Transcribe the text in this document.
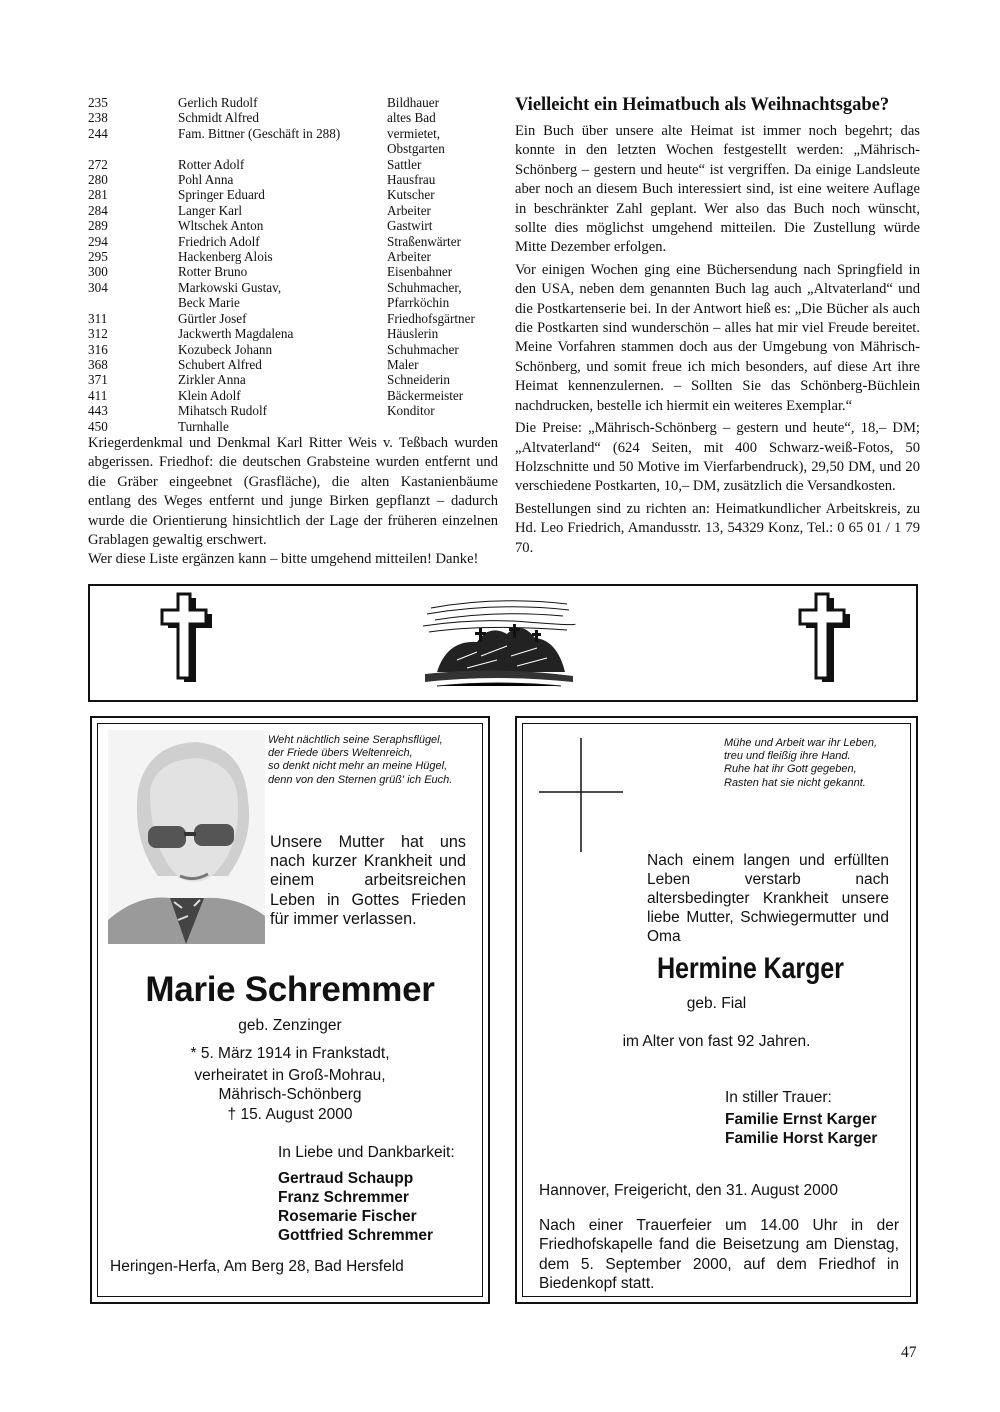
235	Gerlich Rudolf	Bildhauer
238	Schmidt Alfred	altes Bad
244	Fam. Bittner (Geschäft in 288)	vermietet,
Obstgarten
272	Rotter Adolf	Sattler
280	Pohl Anna	Hausfrau
281	Springer Eduard	Kutscher
284	Langer Karl	Arbeiter
289	Wltschek Anton	Gastwirt
294	Friedrich Adolf	Straßenwärter
295	Hackenberg Alois	Arbeiter
300	Rotter Bruno	Eisenbahner
304	Markowski Gustav,	Schuhmacher,
Beck Marie	Pfarrköchin
311	Gürtler Josef	Friedhofsgärtner
312	Jackwerth Magdalena	Häuslerin
316	Kozubeck Johann	Schuhmacher
368	Schubert Alfred	Maler
371	Zirkler Anna	Schneiderin
411	Klein Adolf	Bäckermeister
443	Mihatsch Rudolf	Konditor
450	Turnhalle

Kriegerdenkmal und Denkmal Karl Ritter Weis v. Teßbach wurden abgerissen. Friedhof: die deutschen Grabsteine wurden entfernt und die Gräber eingeebnet (Grasfläche), die alten Kastanienbäume entlang des Weges entfernt und junge Birken gepflanzt – dadurch wurde die Orientierung hinsichtlich der Lage der früheren einzelnen Grablagen gewaltig erschwert.

Wer diese Liste ergänzen kann – bitte umgehend mitteilen! Danke!

Vielleicht ein Heimatbuch als Weihnachtsgabe?

Ein Buch über unsere alte Heimat ist immer noch begehrt; das konnte in den letzten Wochen festgestellt werden: „Mährisch-Schönberg – gestern und heute“ ist vergriffen. Da einige Landsleute aber noch an diesem Buch interessiert sind, ist eine weitere Auflage in beschränkter Zahl geplant. Wer also das Buch noch wünscht, sollte dies möglichst umgehend mitteilen. Die Zustellung würde Mitte Dezember erfolgen.

Vor einigen Wochen ging eine Büchersendung nach Springfield in den USA, neben dem genannten Buch lag auch „Altvaterland“ und die Postkartenserie bei. In der Antwort hieß es: „Die Bücher als auch die Postkarten sind wunderschön – alles hat mir viel Freude bereitet. Meine Vorfahren stammen doch aus der Umgebung von Mährisch-Schönberg, und somit freue ich mich besonders, auf diese Art ihre Heimat kennenzulernen. – Sollten Sie das Schönberg-Büchlein nachdrucken, bestelle ich hiermit ein weiteres Exemplar.“

Die Preise: „Mährisch-Schönberg – gestern und heute“, 18,– DM; „Altvaterland“ (624 Seiten, mit 400 Schwarz-weiß-Fotos, 50 Holzschnitte und 50 Motive im Vierfarbendruck), 29,50 DM, und 20 verschiedene Postkarten, 10,– DM, zusätzlich die Versandkosten.

Bestellungen sind zu richten an: Heimatkundlicher Arbeitskreis, zu Hd. Leo Friedrich, Amandusstr. 13, 54329 Konz, Tel.: 0 65 01 / 1 79 70.

Weht nächtlich seine Seraphsflügel,
der Friede übers Weltenreich,
so denkt nicht mehr an meine Hügel,
denn von den Sternen grüß' ich Euch.
Unsere Mutter hat uns nach kurzer Krankheit und einem arbeitsreichen Leben in Gottes Frieden für immer verlassen.
Marie Schremmer
geb. Zenzinger
* 5. März 1914 in Frankstadt,
verheiratet in Groß-Mohrau,
Mährisch-Schönberg
† 15. August 2000
In Liebe und Dankbarkeit:
Gertraud Schaupp
Franz Schremmer
Rosemarie Fischer
Gottfried Schremmer
Heringen-Herfa, Am Berg 28, Bad Hersfeld
Mühe und Arbeit war ihr Leben,
treu und fleißig ihre Hand.
Ruhe hat ihr Gott gegeben,
Rasten hat sie nicht gekannt.
Nach einem langen und erfüllten Leben verstarb nach altersbedingter Krankheit unsere liebe Mutter, Schwiegermutter und Oma
Hermine Karger
geb. Fial
im Alter von fast 92 Jahren.
In stiller Trauer:
Familie Ernst Karger
Familie Horst Karger
Hannover, Freigericht, den 31. August 2000
Nach einer Trauerfeier um 14.00 Uhr in der Friedhofskapelle fand die Beisetzung am Dienstag, dem 5. September 2000, auf dem Friedhof in Biedenkopf statt.
47
